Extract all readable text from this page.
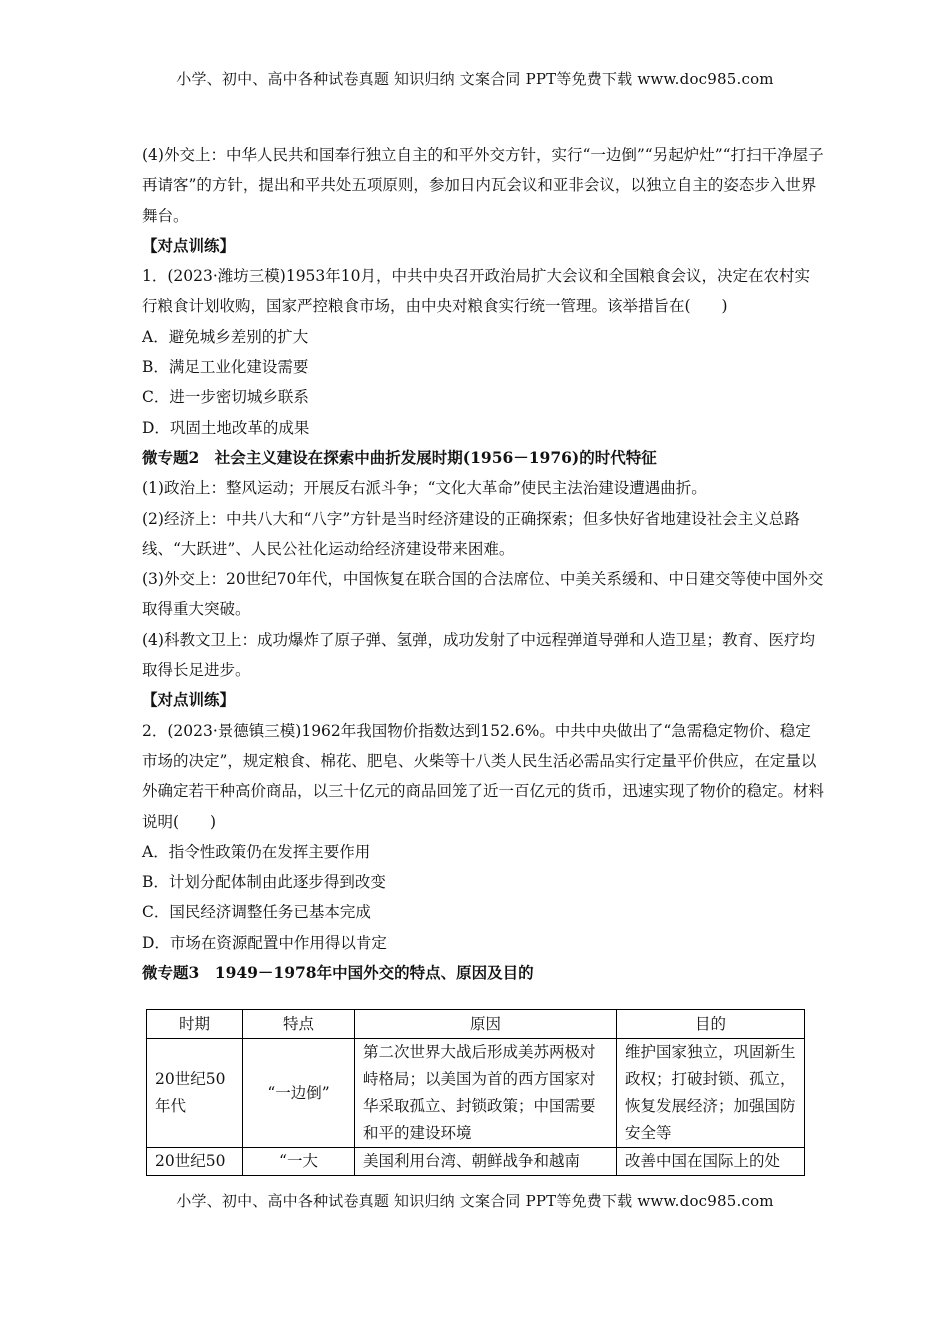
小学、初中、高中各种试卷真题 知识归纳 文案合同 PPT等免费下载 www.doc985.com

(4)外交上：中华人民共和国奉行独立自主的和平外交方针，实行“一边倒”“另起炉灶”“打扫干净屋子再请客”的方针，提出和平共处五项原则，参加日内瓦会议和亚非会议，以独立自主的姿态步入世界舞台。

【对点训练】

1．(2023·潍坊三模)1953年10月，中共中央召开政治局扩大会议和全国粮食会议，决定在农村实行粮食计划收购，国家严控粮食市场，由中央对粮食实行统一管理。该举措旨在(　　)

A．避免城乡差别的扩大

B．满足工业化建设需要

C．进一步密切城乡联系

D．巩固土地改革的成果

微专题2　社会主义建设在探索中曲折发展时期(1956－1976)的时代特征

(1)政治上：整风运动；开展反右派斗争；“文化大革命”使民主法治建设遭遇曲折。

(2)经济上：中共八大和“八字”方针是当时经济建设的正确探索；但多快好省地建设社会主义总路线、“大跃进”、人民公社化运动给经济建设带来困难。

(3)外交上：20世纪70年代，中国恢复在联合国的合法席位、中美关系缓和、中日建交等使中国外交取得重大突破。

(4)科教文卫上：成功爆炸了原子弹、氢弹，成功发射了中远程弹道导弹和人造卫星；教育、医疗均取得长足进步。

【对点训练】

2．(2023·景德镇三模)1962年我国物价指数达到152.6%。中共中央做出了“急需稳定物价、稳定市场的决定”，规定粮食、棉花、肥皂、火柴等十八类人民生活必需品实行定量平价供应，在定量以外确定若干种高价商品，以三十亿元的商品回笼了近一百亿元的货币，迅速实现了物价的稳定。材料说明(　　)

A．指令性政策仍在发挥主要作用

B．计划分配体制由此逐步得到改变

C．国民经济调整任务已基本完成

D．市场在资源配置中作用得以肯定

微专题3　1949－1978年中国外交的特点、原因及目的

时期	特点	原因	目的
20世纪50年代	“一边倒”	第二次世界大战后形成美苏两极对峙格局；以美国为首的西方国家对华采取孤立、封锁政策；中国需要和平的建设环境	维护国家独立，巩固新生政权；打破封锁、孤立，恢复发展经济；加强国防安全等
20世纪50	“一大	美国利用台湾、朝鲜战争和越南	改善中国在国际上的处
小学、初中、高中各种试卷真题 知识归纳 文案合同 PPT等免费下载 www.doc985.com
